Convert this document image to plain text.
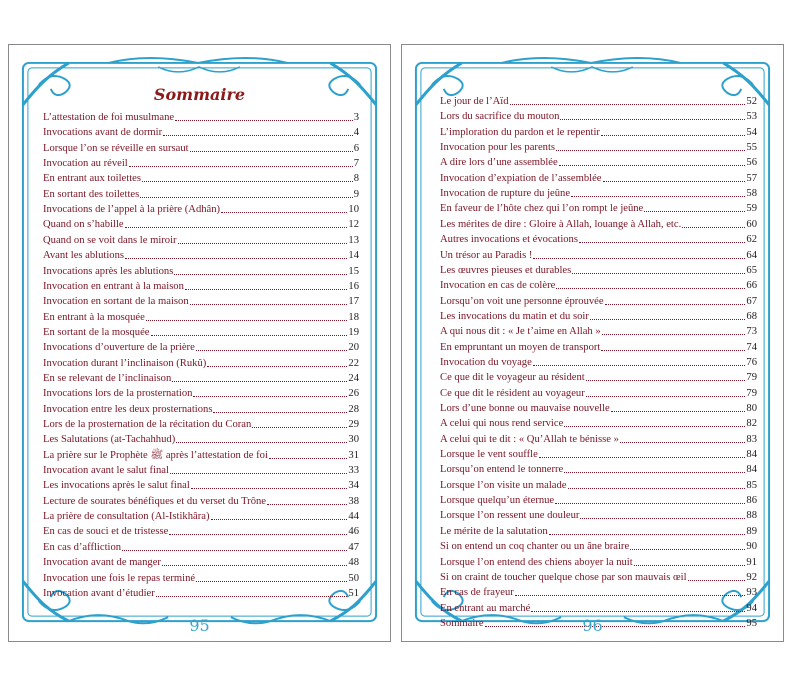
Sommaire
L’attestation de foi musulmane	3
Invocations avant de dormir	4
Lorsque l’on se réveille en sursaut	6
Invocation au réveil	7
En entrant aux toilettes	8
En sortant des toilettes	9
Invocations de l’appel à la prière (Adhân)	10
Quand on s’habille	12
Quand on se voit dans le miroir	13
Avant les ablutions	14
Invocations après les ablutions	15
Invocation en entrant à la maison	16
Invocation en sortant de la maison	17
En entrant à la mosquée	18
En sortant de la mosquée	19
Invocations d’ouverture de la prière	20
Invocation durant l’inclinaison (Rukû)	22
En se relevant de l’inclinaison	24
Invocations lors de la prosternation	26
Invocation entre les deux prosternations	28
Lors de la prosternation de la récitation du Coran	29
Les Salutations (at-Tachahhud)	30
La prière sur le Prophète ﷺ après l’attestation de foi	31
Invocation avant le salut final	33
Les invocations après le salut final	34
Lecture de sourates bénéfiques et du verset du Trône	38
La prière de consultation (Al-Istikhâra)	44
En cas de souci et de tristesse	46
En cas d’affliction	47
Invocation avant de manger	48
Invocation une fois le repas terminé	50
Invocation avant d’étudier	51
95
Le jour de l’Aïd	52
Lors du sacrifice du mouton	53
L’imploration du pardon et le repentir	54
Invocation pour les parents	55
A dire lors d’une assemblée	56
Invocation d’expiation de l’assemblée	57
Invocation de rupture du jeûne	58
En faveur de l’hôte chez qui l’on rompt le jeûne	59
Les mérites de dire : Gloire à Allah, louange à Allah, etc.	60
Autres invocations et évocations	62
Un trésor au Paradis !	64
Les œuvres pieuses et durables	65
Invocation en cas de colère	66
Lorsqu’on voit une personne éprouvée	67
Les invocations du matin et du soir	68
A qui nous dit : « Je t’aime en Allah »	73
En empruntant un moyen de transport	74
Invocation du voyage	76
Ce que dit le voyageur au résident	79
Ce que dit le résident au voyageur	79
Lors d’une bonne ou mauvaise nouvelle	80
A celui qui nous rend service	82
A celui qui te dit : « Qu’Allah te bénisse »	83
Lorsque le vent souffle	84
Lorsqu’on entend le tonnerre	84
Lorsque l’on visite un malade	85
Lorsque quelqu’un éternue	86
Lorsque l’on ressent une douleur	88
Le mérite de la salutation	89
Si on entend un coq chanter ou un âne braire	90
Lorsque l’on entend des chiens aboyer la nuit	91
Si on craint de toucher quelque chose par son mauvais œil	92
En cas de frayeur	93
En entrant au marché	94
Sommaire	95
96
